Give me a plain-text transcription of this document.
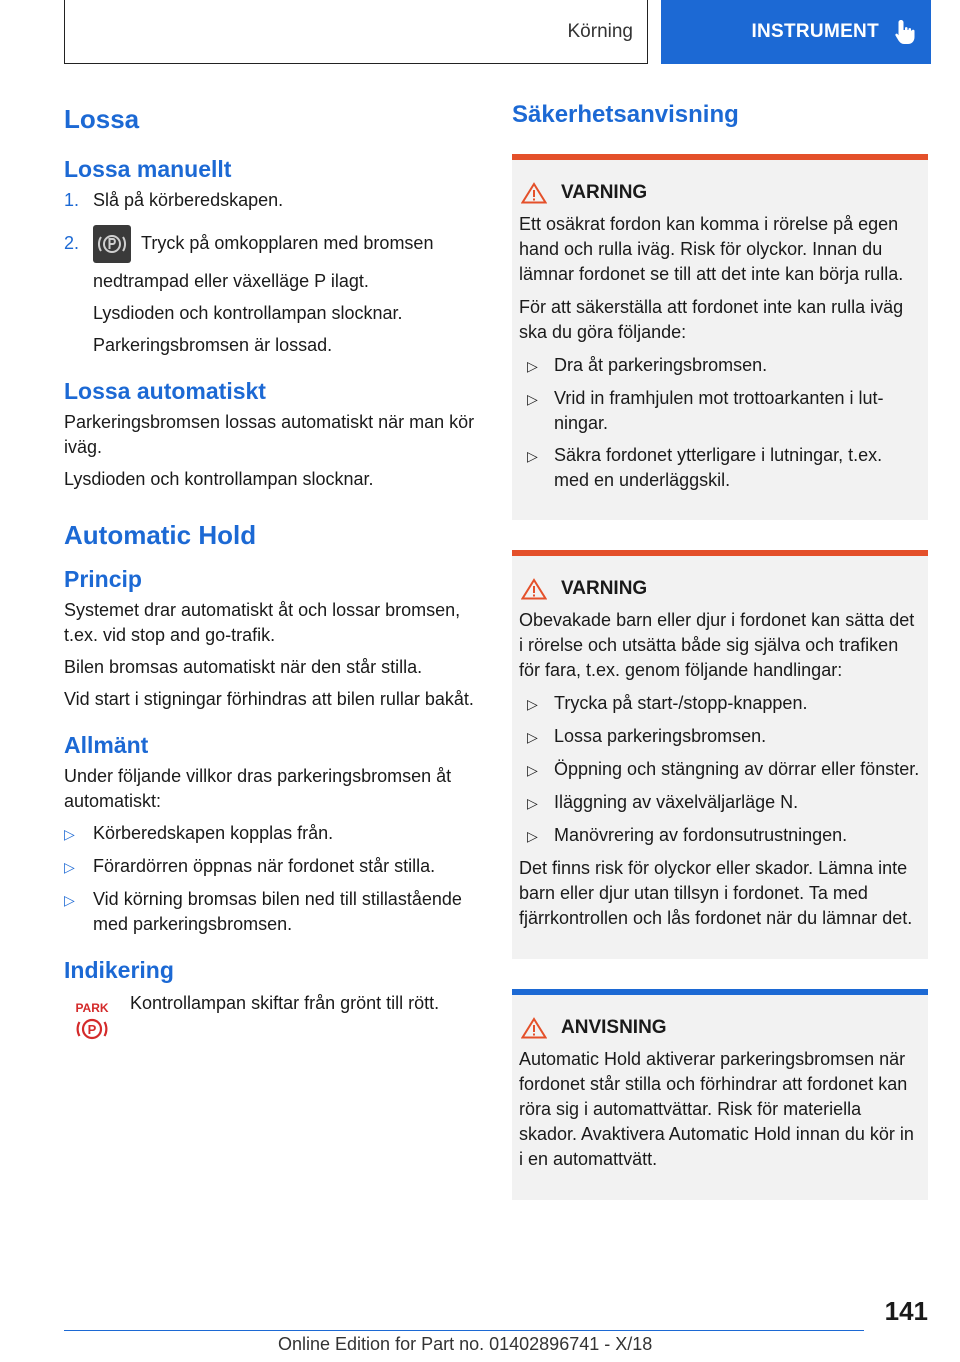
Körning	INSTRUMENT
Lossa
Lossa manuellt
1. Slå på körberedskapen.
2.	Tryck på omkopplaren med bromsen nedtrampad eller växelläge P ilagt.

Lysdioden och kontrollampan slocknar.

Parkeringsbromsen är lossad.

Lossa automatiskt

Parkeringsbromsen lossas automatiskt när man kör iväg.

Lysdioden och kontrollampan slocknar.

Automatic Hold
Princip

Systemet drar automatiskt åt och lossar bromsen, t.ex. vid stop and go-trafik.

Bilen bromsas automatiskt när den står stilla.

Vid start i stigningar förhindras att bilen rullar bakåt.

Allmänt

Under följande villkor dras parkeringsbromsen åt automatiskt:

▷	Körberedskapen kopplas från.
▷	Förardörren öppnas när fordonet står stilla.
▷	Vid körning bromsas bilen ned till stillastående med parkeringsbromsen.
Indikering
PARK
P
Kontrollampan skiftar från grönt till rött.
Säkerhetsanvisning
VARNING

Ett osäkrat fordon kan komma i rörelse på egen hand och rulla iväg. Risk för olyckor. Innan du lämnar fordonet se till att det inte kan börja rulla.

För att säkerställa att fordonet inte kan rulla iväg ska du göra följande:

▷ Dra åt parkeringsbromsen.
▷ Vrid in framhjulen mot trottoarkanten i lutningar.
▷ Säkra fordonet ytterligare i lutningar, t.ex. med en underläggskil.
VARNING

Obevakade barn eller djur i fordonet kan sätta det i rörelse och utsätta både sig själva och trafiken för fara, t.ex. genom följande handlingar:

▷ Trycka på start-/stopp-knappen.
▷ Lossa parkeringsbromsen.
▷ Öppning och stängning av dörrar eller fönster.
▷ Iläggning av växelväljarläge N.
▷ Manövrering av fordonsutrustningen.

Det finns risk för olyckor eller skador. Lämna inte barn eller djur utan tillsyn i fordonet. Ta med fjärrkontrollen och lås fordonet när du lämnar det.

ANVISNING

Automatic Hold aktiverar parkeringsbromsen när fordonet står stilla och förhindrar att fordonet kan röra sig i automattvättar. Risk för materiella skador. Avaktivera Automatic Hold innan du kör in i en automattvätt.

141
Online Edition for Part no. 01402896741 - X/18
